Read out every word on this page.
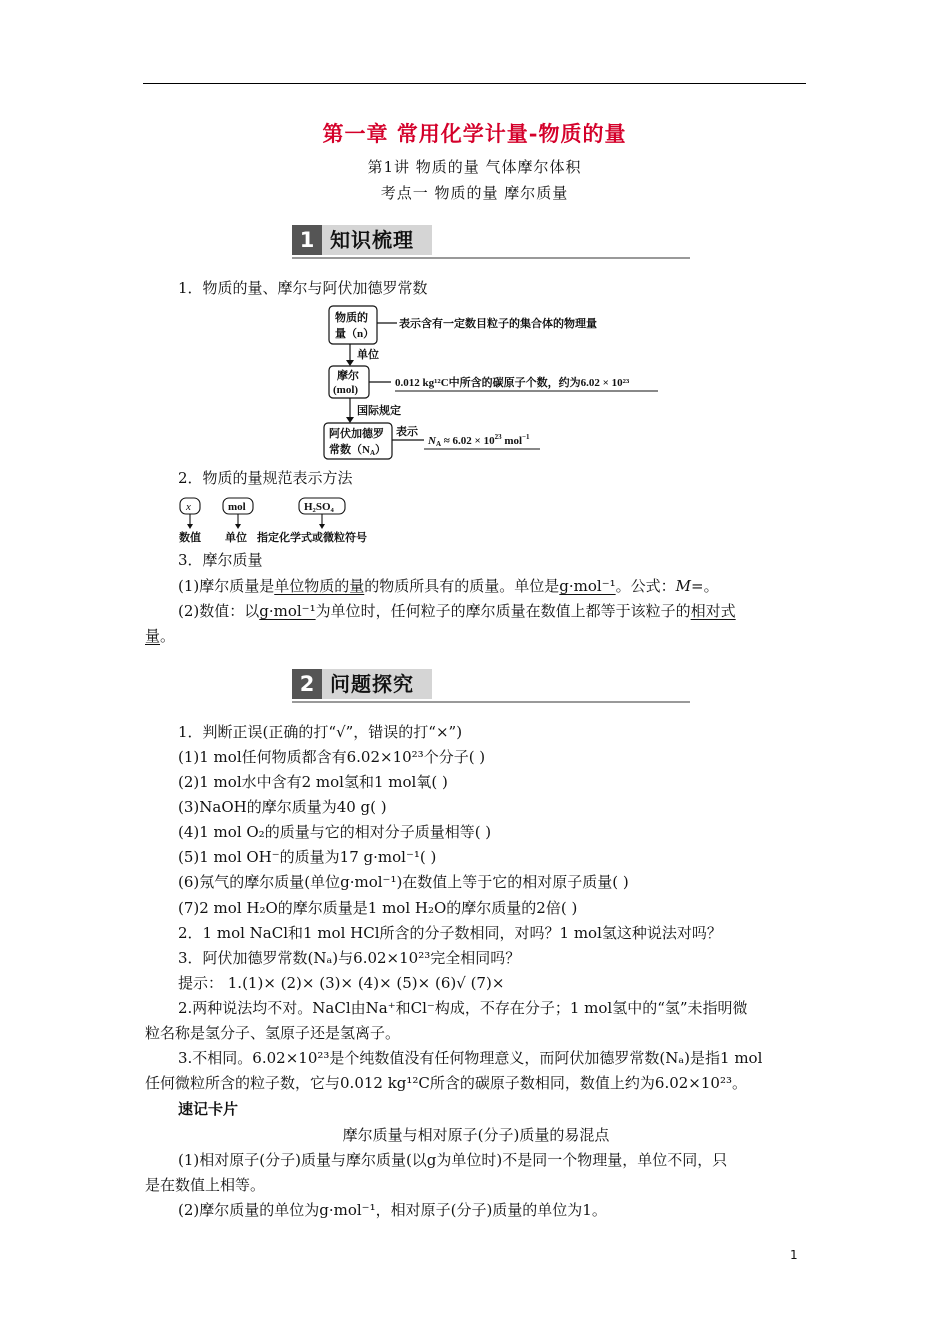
第一章 常用化学计量-物质的量
第1讲 物质的量 气体摩尔体积
考点一 物质的量 摩尔质量
1 知识梳理
1．物质的量、摩尔与阿伏加德罗常数
物质的
量（n）
表示含有一定数目粒子的集合体的物理量
单位
摩尔
(mol)
0.012 kg¹²C中所含的碳原子个数，约为6.02 × 10²³
国际规定
阿伏加德罗
常数（NA）
表示
NA ≈ $6.02 \times 10^{23}$ mol$^{-1}$
2．物质的量规范表示方法
x	mol	H₂SO₄
数值 单位 指定化学式或微粒符号
3．摩尔质量
(1)摩尔质量是单位物质的量的物质所具有的质量。单位是g·mol⁻¹。公式：M=。
(2)数值：以g·mol⁻¹为单位时，任何粒子的摩尔质量在数值上都等于该粒子的相对式
量。
2 问题探究
1．判断正误(正确的打“√”，错误的打“×”)
(1)1 mol任何物质都含有6.02×10²³个分子( )
(2)1 mol水中含有2 mol氢和1 mol氧( )
(3)NaOH的摩尔质量为40 g( )
(4)1 mol O₂的质量与它的相对分子质量相等( )
(5)1 mol OH⁻的质量为17 g·mol⁻¹( )
(6)氖气的摩尔质量(单位g·mol⁻¹)在数值上等于它的相对原子质量( )
(7)2 mol H₂O的摩尔质量是1 mol H₂O的摩尔质量的2倍( )
2．1 mol NaCl和1 mol HCl所含的分子数相同，对吗？1 mol氢这种说法对吗？
3．阿伏加德罗常数(Nₐ)与6.02×10²³完全相同吗？
提示： 1.(1)× (2)× (3)× (4)× (5)× (6)√ (7)×
2.两种说法均不对。NaCl由Na⁺和Cl⁻构成，不存在分子；1 mol氢中的“氢”未指明微
粒名称是氢分子、氢原子还是氢离子。
3.不相同。6.02×10²³是个纯数值没有任何物理意义，而阿伏加德罗常数(Nₐ)是指1 mol
任何微粒所含的粒子数，它与0.012 kg¹²C所含的碳原子数相同，数值上约为6.02×10²³。
速记卡片
摩尔质量与相对原子(分子)质量的易混点
(1)相对原子(分子)质量与摩尔质量(以g为单位时)不是同一个物理量，单位不同，只
是在数值上相等。
(2)摩尔质量的单位为g·mol⁻¹，相对原子(分子)质量的单位为1。
1
